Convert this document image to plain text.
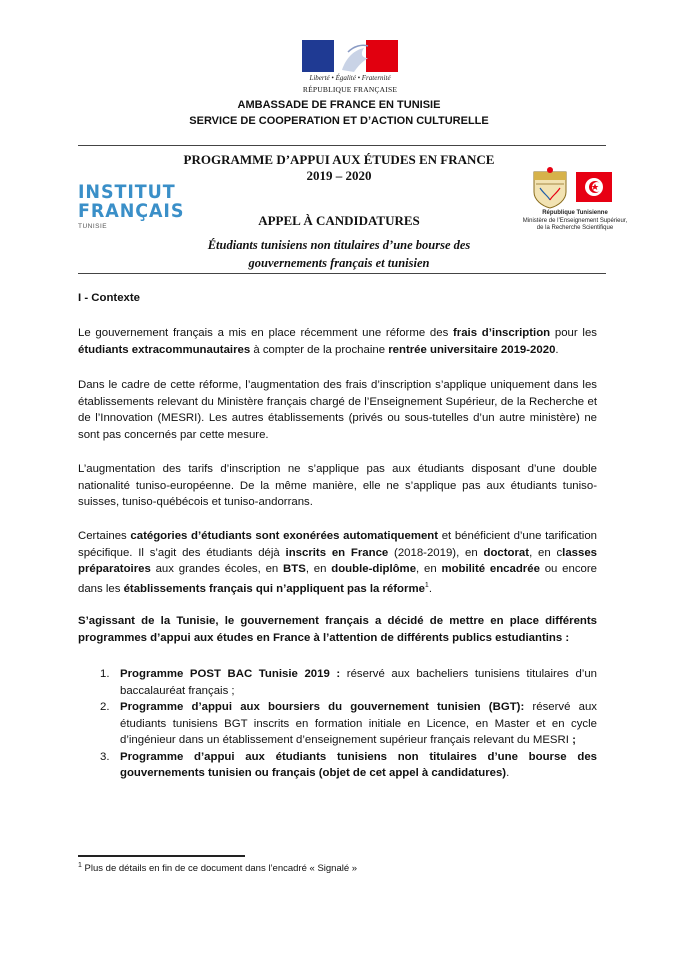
Liberté • Égalité • Fraternité
RÉPUBLIQUE FRANÇAISE
AMBASSADE DE FRANCE EN TUNISIE
SERVICE DE COOPERATION ET D’ACTION CULTURELLE
PROGRAMME D’APPUI AUX ÉTUDES EN FRANCE
2019 – 2020
INSTITUT
FRANÇAIS
TUNISIE
République Tunisienne
Ministère de l’Enseignement Supérieur,
de la Recherche Scientifique
APPEL À CANDIDATURES
Étudiants tunisiens non titulaires d’une bourse des
gouvernements français et tunisien
I - Contexte
Le gouvernement français a mis en place récemment une réforme des frais d’inscription pour les étudiants extracommunautaires à compter de la prochaine rentrée universitaire 2019-2020.
Dans le cadre de cette réforme, l’augmentation des frais d’inscription s’applique uniquement dans les établissements relevant du Ministère français chargé de l’Enseignement Supérieur, de la Recherche et de l’Innovation (MESRI). Les autres établissements (privés ou sous-tutelles d’un autre ministère) ne sont pas concernés par cette mesure.
L’augmentation des tarifs d’inscription ne s’applique pas aux étudiants disposant d’une double nationalité tuniso-européenne. De la même manière, elle ne s’applique pas aux étudiants tuniso-suisses, tuniso-québécois et tuniso-andorrans.
Certaines catégories d’étudiants sont exonérées automatiquement et bénéficient d’une tarification spécifique. Il s’agit des étudiants déjà inscrits en France (2018-2019), en doctorat, en classes préparatoires aux grandes écoles, en BTS, en double-diplôme, en mobilité encadrée ou encore dans les établissements français qui n’appliquent pas la réforme$^1$.
S’agissant de la Tunisie, le gouvernement français a décidé de mettre en place différents programmes d’appui aux études en France à l’attention de différents publics estudiantins :
1. Programme POST BAC Tunisie 2019 : réservé aux bacheliers tunisiens titulaires d’un baccalauréat français ;
2. Programme d’appui aux boursiers du gouvernement tunisien (BGT): réservé aux étudiants tunisiens BGT inscrits en formation initiale en Licence, en Master et en cycle d’ingénieur dans un établissement d’enseignement supérieur français relevant du MESRI ;
3. Programme d’appui aux étudiants tunisiens non titulaires d’une bourse des gouvernements tunisien ou français (objet de cet appel à candidatures).
$^1$ Plus de détails en fin de ce document dans l’encadré « Signalé »
